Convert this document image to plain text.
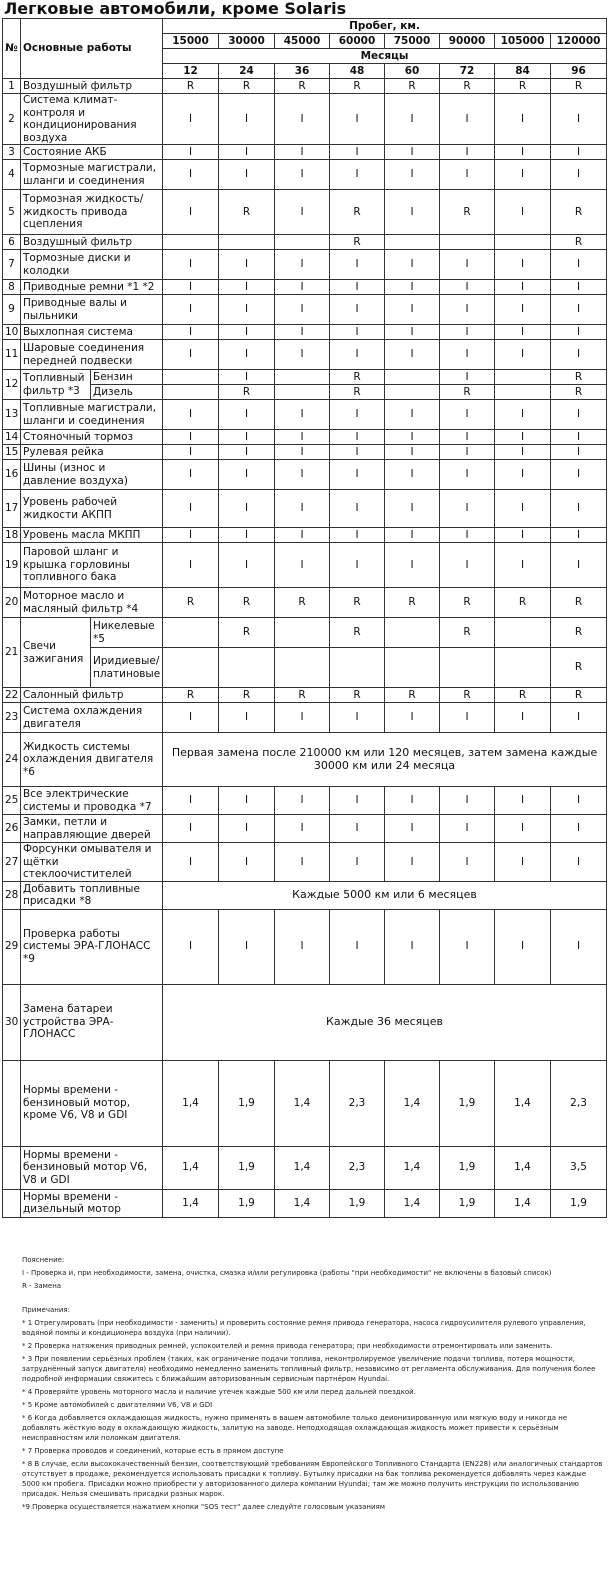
Легковые автомобили, кроме Solaris
№	Основные работы		Пробег, км.							
			15000	30000	45000	60000	75000	90000	105000	120000
			Месяцы							
			12	24	36	48	60	72	84	96
1	Воздушный фильтр		R	R	R	R	R	R	R	R
2	Система климат-контроля и кондиционирования воздуха		I	I	I	I	I	I	I	I
3	Состояние АКБ		I	I	I	I	I	I	I	I
4	Тормозные магистрали, шланги и соединения		I	I	I	I	I	I	I	I
5	Тормозная жидкость/жидкость привода сцепления		I	R	I	R	I	R	I	R
6	Воздушный фильтр					R				R
7	Тормозные диски и колодки		I	I	I	I	I	I	I	I
8	Приводные ремни *1 *2		I	I	I	I	I	I	I	I
9	Приводные валы и пыльники		I	I	I	I	I	I	I	I
10	Выхлопная система		I	I	I	I	I	I	I	I
11	Шаровые соединения передней подвески		I	I	I	I	I	I	I	I
12	Топливный фильтр *3	Бензин		I		R		I		R
		Дизель		R		R		R		R
13	Топливные магистрали, шланги и соединения		I	I	I	I	I	I	I	I
14	Стояночный тормоз		I	I	I	I	I	I	I	I
15	Рулевая рейка		I	I	I	I	I	I	I	I
16	Шины (износ и давление воздуха)		I	I	I	I	I	I	I	I
17	Уровень рабочей жидкости АКПП		I	I	I	I	I	I	I	I
18	Уровень масла МКПП		I	I	I	I	I	I	I	I
19	Паровой шланг и крышка горловины топливного бака		I	I	I	I	I	I	I	I
20	Моторное масло и масляный фильтр *4		R	R	R	R	R	R	R	R
21	Свечи зажигания	Никелевые *5		R		R		R		R
		Иридиевые/ платиновые								R
22	Салонный фильтр		R	R	R	R	R	R	R	R
23	Система охлаждения двигателя		I	I	I	I	I	I	I	I
24	Жидкость системы охлаждения двигателя *6		Первая замена после 210000 км или 120 месяцев, затем замена каждые 30000 км или 24 месяца							
25	Все электрические системы и проводка *7		I	I	I	I	I	I	I	I
26	Замки, петли и направляющие дверей		I	I	I	I	I	I	I	I
27	Форсунки омывателя и щётки стеклоочистителей		I	I	I	I	I	I	I	I
28	Добавить топливные присадки *8		Каждые 5000 км или 6 месяцев							
29	Проверка работы системы ЭРА-ГЛОНАСС *9		I	I	I	I	I	I	I	I
30	Замена батареи устройства ЭРА-ГЛОНАСС		Каждые 36 месяцев							
	Нормы времени - бензиновый мотор, кроме V6, V8 и GDI		1,4	1,9	1,4	2,3	1,4	1,9	1,4	2,3
	Нормы времени - бензиновый мотор V6, V8 и GDI		1,4	1,9	1,4	2,3	1,4	1,9	1,4	3,5
	Нормы времени - дизельный мотор		1,4	1,9	1,4	1,9	1,4	1,9	1,4	1,9

Пояснение:

I - Проверка и, при необходимости, замена, очистка, смазка и/или регулировка (работы "при необходимости" не включены в базовый список)

R - Замена

Примечания:

* 1 Отрегулировать (при необходимости - заменить) и проверить состояние ремня привода генератора, насоса гидроусилителя рулевого управления, водяной помпы и кондиционера воздуха (при наличии).

* 2 Проверка натяжения приводных ремней, успокоителей и ремня привода генератора; при необходимости отремонтировать или заменить.

* 3 При появлении серьёзных проблем (таких, как ограничение подачи топлива, неконтролируемое увеличение подачи топлива, потеря мощности, затруднённый запуск двигателя) необходимо немедленно заменить топливный фильтр, независимо от регламента обслуживания. Для получения более подробной информации свяжитесь с ближайшим авторизованным сервисным партнёром Hyundai.

* 4 Проверяйте уровень моторного масла и наличие утечек каждые 500 км или перед дальней поездкой.

* 5 Кроме автомобилей с двигателями V6, V8 и GDI

* 6 Когда добавляется охлаждающая жидкость, нужно применять в вашем автомобиле только деионизированную или мягкую воду и никогда не добавлять жёсткую воду в охлаждающую жидкость, залитую на заводе. Неподходящая охлаждающая жидкость может привести к серьёзным неисправностям или поломкам двигателя.

* 7 Проверка проводов и соединений, которые есть в прямом доступе

* 8 В случае, если высококачественный бензин, соответствующий требованиям Европейского Топливного Стандарта (EN228) или аналогичных стандартов отсутствует в продаже, рекомендуется использовать присадки к топливу. Бутылку присадки на бак топлива рекомендуется добавлять через каждые 5000 км пробега. Присадки можно приобрести у авторизованного дилера компании Hyundai; там же можно получить инструкции по использованию присадок. Нельзя смешивать присадки разных марок.

*9 Проверка осуществляется нажатием кнопки "SOS тест" далее следуйте голосовым указаниям
